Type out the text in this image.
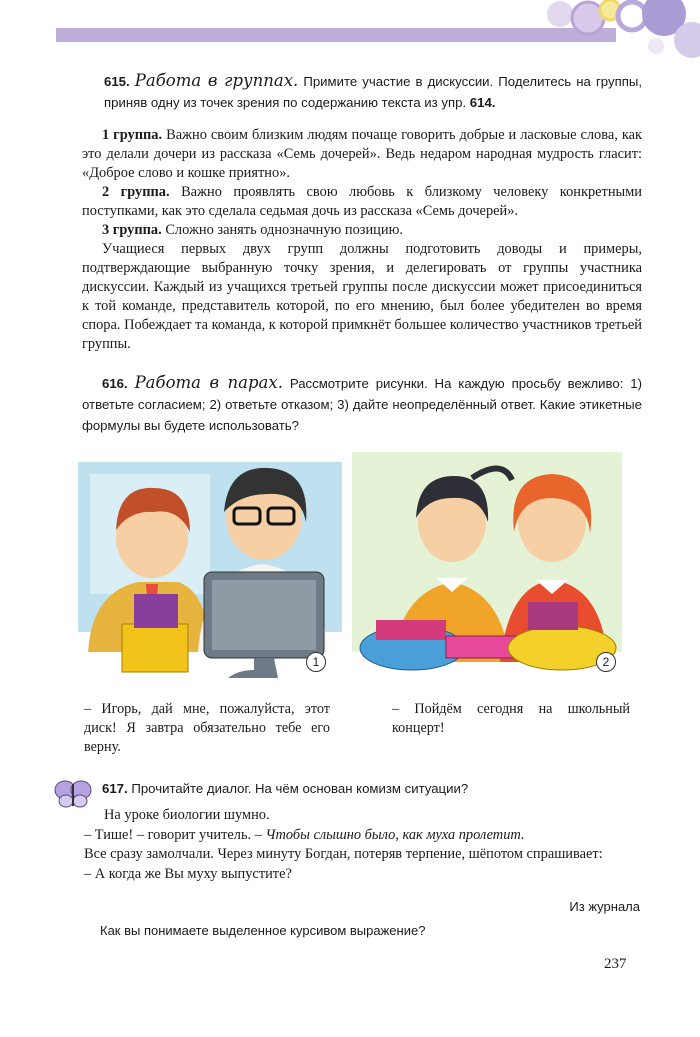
615. Работа в группах. Примите участие в дискуссии. Поделитесь на группы, приняв одну из точек зрения по содержанию текста из упр. 614.

1 группа. Важно своим близким людям почаще говорить добрые и ласковые слова, как это делали дочери из рассказа «Семь дочерей». Ведь недаром народная мудрость гласит: «Доброе слово и кошке приятно».

2 группа. Важно проявлять свою любовь к близкому человеку конкретными поступками, как это сделала седьмая дочь из рассказа «Семь дочерей».

3 группа. Сложно занять однозначную позицию.

Учащиеся первых двух групп должны подготовить доводы и примеры, подтверждающие выбранную точку зрения, и делегировать от группы участника дискуссии. Каждый из учащихся третьей группы после дискуссии может присоединиться к той команде, представитель которой, по его мнению, был более убедителен во время спора. Побеждает та команда, к которой примкнёт большее количество участников третьей группы.

616. Работа в парах. Рассмотрите рисунки. На каждую просьбу вежливо: 1) ответьте согласием; 2) ответьте отказом; 3) дайте неопределённый ответ. Какие этикетные формулы вы будете использовать?

1	2
– Игорь, дай мне, пожалуйста, этот диск! Я завтра обязательно тебе его верну.
– Пойдём сегодня на школьный концерт!

617. Прочитайте диалог. На чём основан комизм ситуации?

На уроке биологии шумно.

– Тише! – говорит учитель. – Чтобы слышно было, как муха пролетит.

Все сразу замолчали. Через минуту Богдан, потеряв терпение, шёпотом спрашивает:

– А когда же Вы муху выпустите?

Из журнала
Как вы понимаете выделенное курсивом выражение?
237
